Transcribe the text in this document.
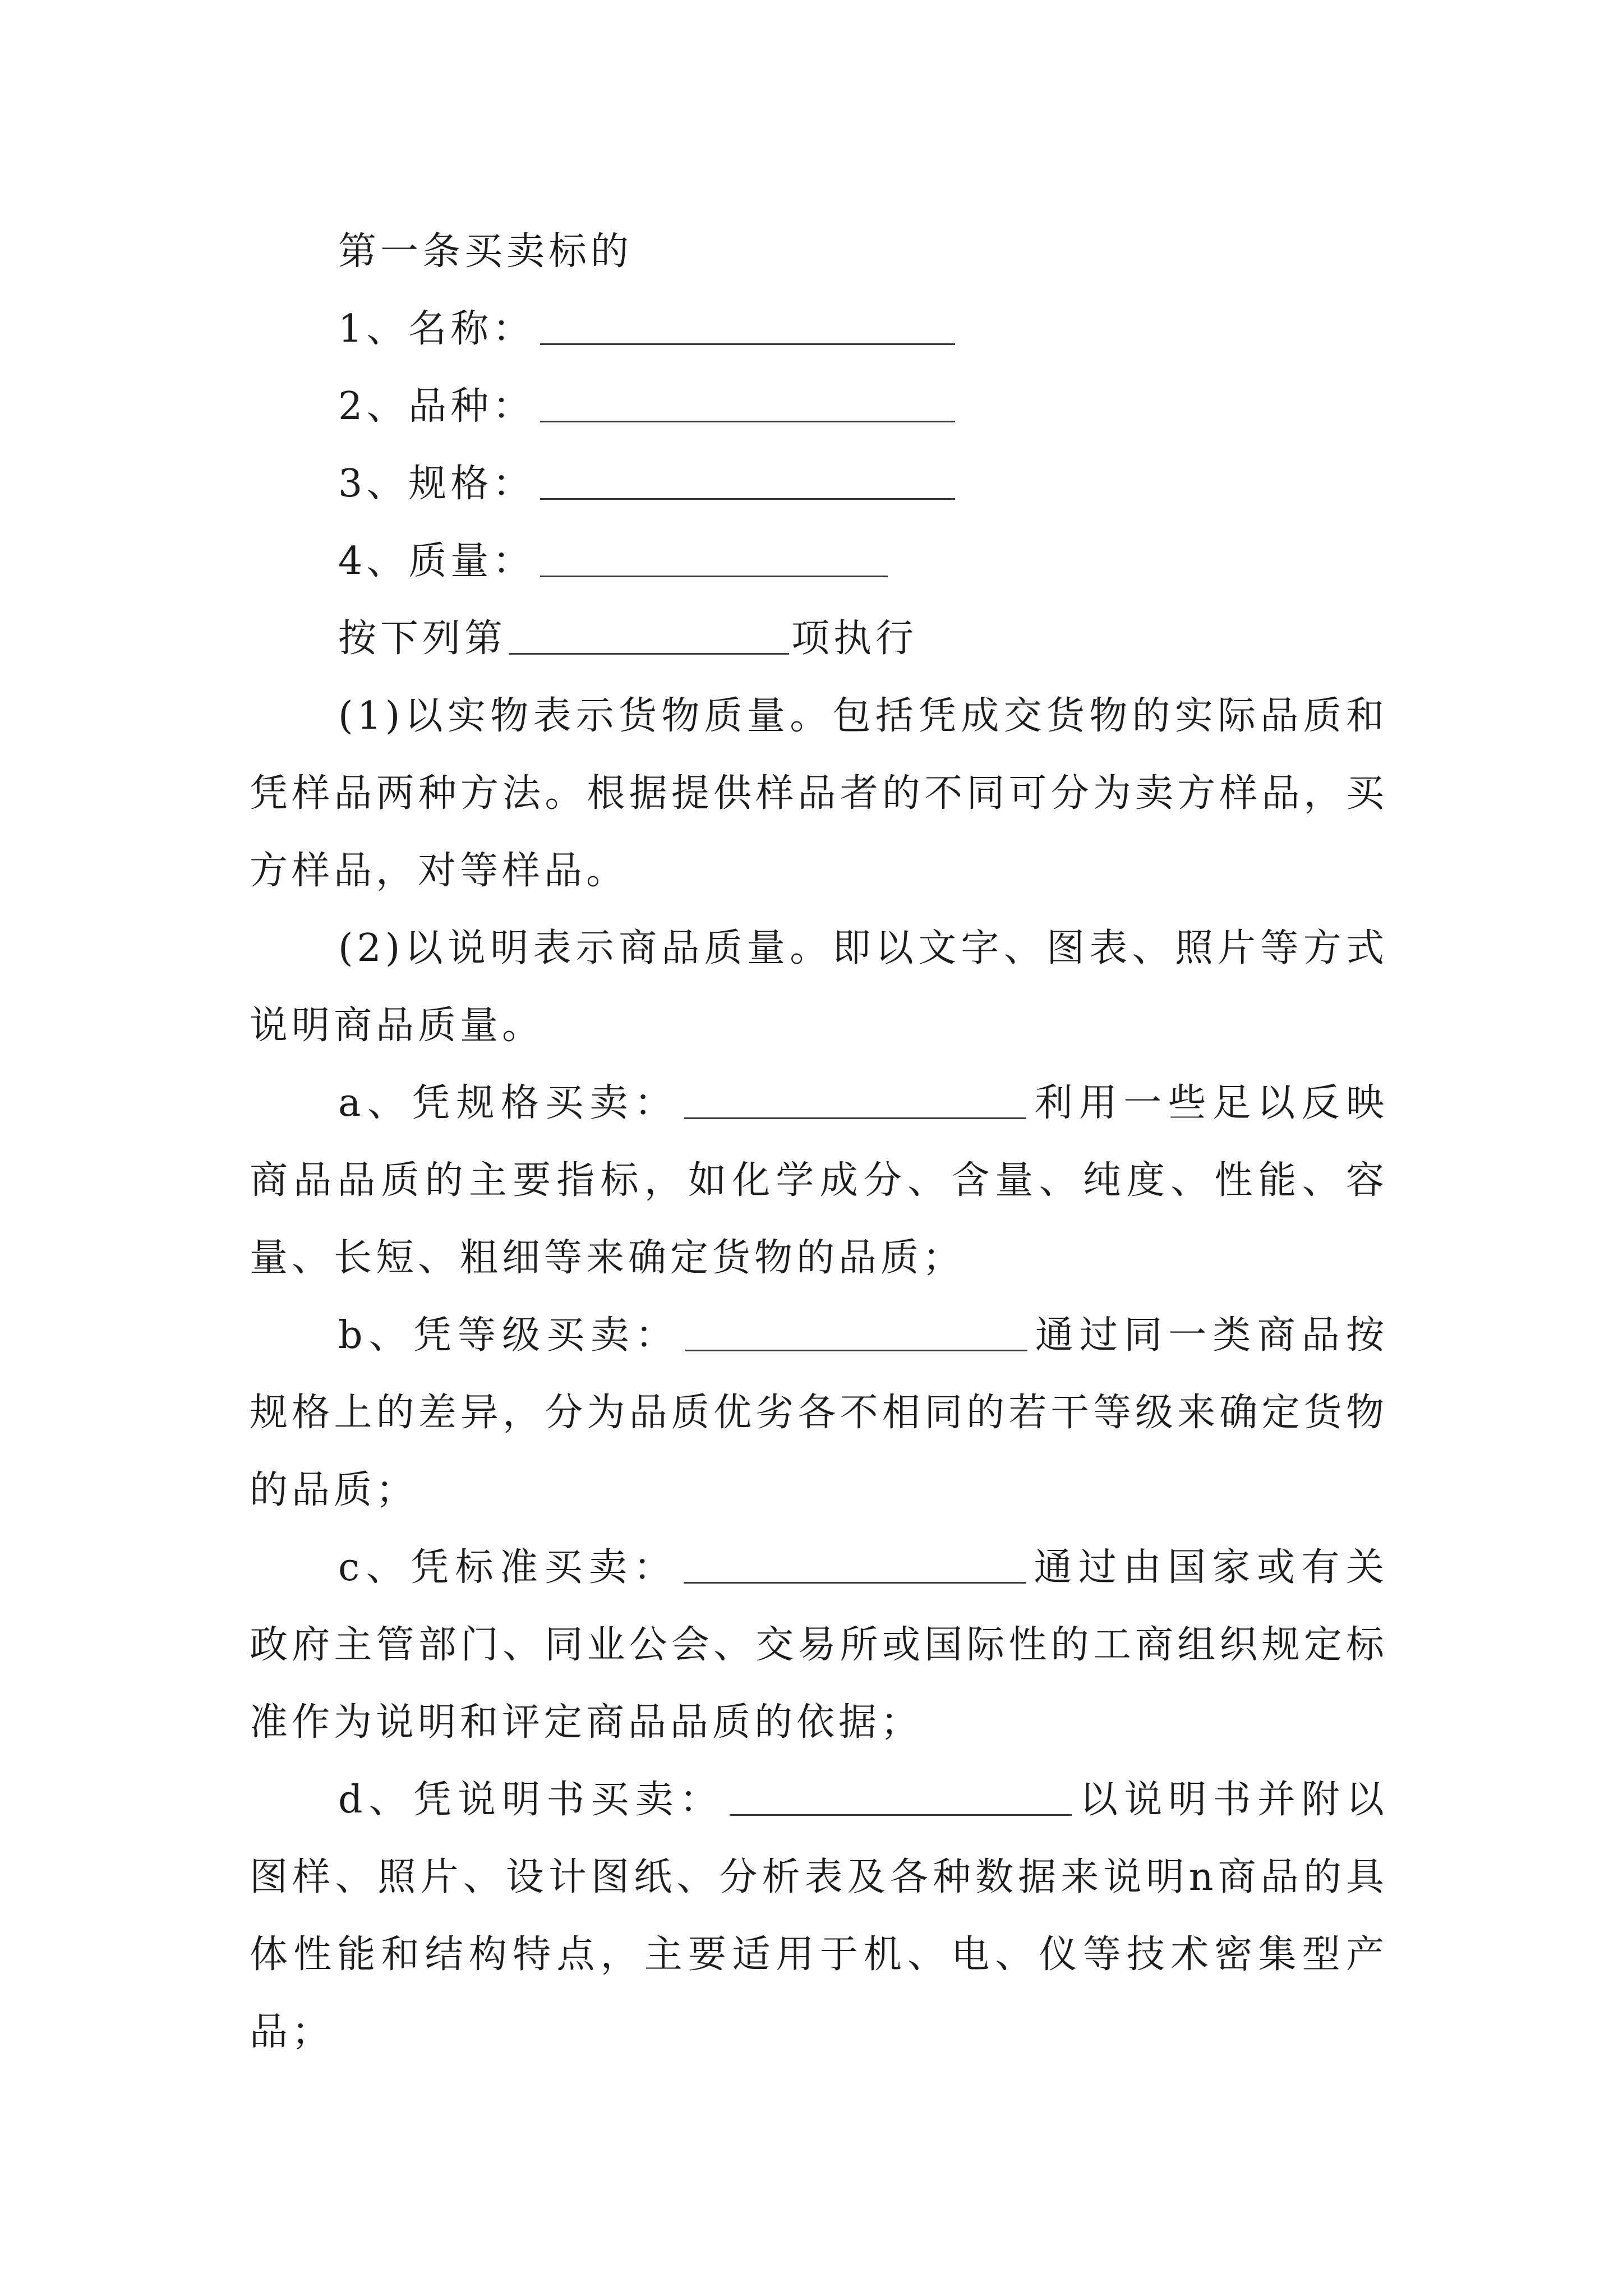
第一条买卖标的
1、名称：
2、品种：
3、规格：
4、质量：
按下列第	项执行

(1)以实物表示货物质量。包括凭成交货物的实际品质和凭样品两种方法。根据提供样品者的不同可分为卖方样品，买方样品，对等样品。

(2)以说明表示商品质量。即以文字、图表、照片等方式说明商品质量。

a、凭规格买卖：	利用一些足以反映商品品质的主要指标，如化学成分、含量、纯度、性能、容量、长短、粗细等来确定货物的品质；

b、凭等级买卖：	通过同一类商品按规格上的差异，分为品质优劣各不相同的若干等级来确定货物的品质；

c、凭标准买卖：	通过由国家或有关政府主管部门、同业公会、交易所或国际性的工商组织规定标准作为说明和评定商品品质的依据；

d、凭说明书买卖：	以说明书并附以图样、照片、设计图纸、分析表及各种数据来说明n商品的具体性能和结构特点，主要适用于机、电、仪等技术密集型产品；
